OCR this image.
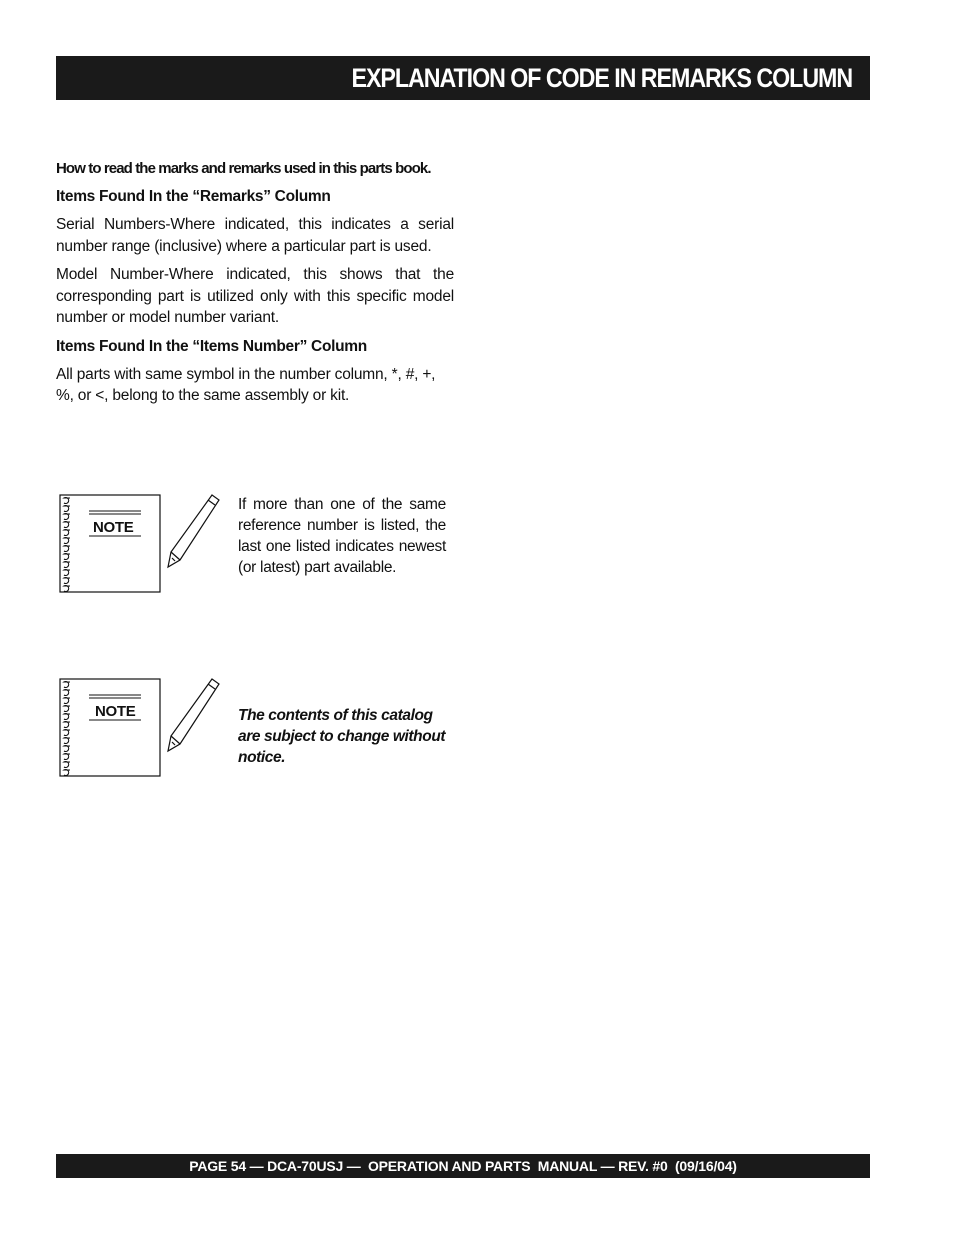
EXPLANATION OF CODE IN REMARKS COLUMN

How to read the marks and remarks used in this parts book.

Items Found In the “Remarks” Column

Serial Numbers-Where indicated, this indicates a serial number range (inclusive) where a particular part is used.

Model Number-Where indicated, this shows that the corresponding part is utilized only with this specific model number or model number variant.

Items Found In the “Items Number” Column

All parts with same symbol in the number column, *, #, +, %, or <, belong to the same assembly or kit.

NOTE
If more than one of the same reference number is listed, the last one listed indicates newest (or latest) part available.
NOTE	The contents of this catalog are subject to change without notice.
PAGE 54 — DCA-70USJ —  OPERATION AND PARTS  MANUAL — REV. #0  (09/16/04)
